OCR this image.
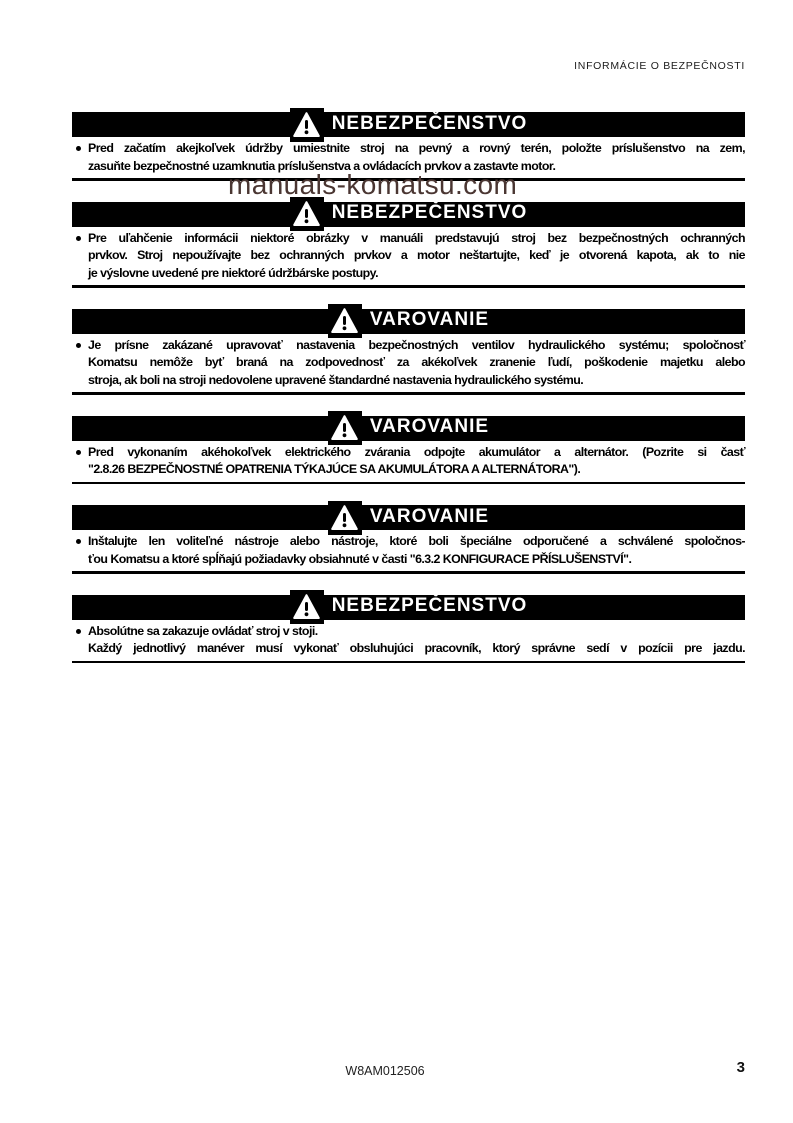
INFORMÁCIE O BEZPEČNOSTI
manuals-komatsu.com
NEBEZPEČENSTVO
Pred začatím akejkoľvek údržby umiestnite stroj na pevný a rovný terén, položte príslušenstvo na zem,
zasuňte bezpečnostné uzamknutia príslušenstva a ovládacích prvkov a zastavte motor.
NEBEZPEČENSTVO
Pre uľahčenie informácii niektoré obrázky v manuáli predstavujú stroj bez bezpečnostných ochranných
prvkov. Stroj nepoužívajte bez ochranných prvkov a motor neštartujte, keď je otvorená kapota, ak to nie
je výslovne uvedené pre niektoré údržbárske postupy.
VAROVANIE
Je prísne zakázané upravovať nastavenia bezpečnostných ventilov hydraulického systému; spoločnosť
Komatsu nemôže byť braná na zodpovednosť za akékoľvek zranenie ľudí, poškodenie majetku alebo
stroja, ak boli na stroji nedovolene upravené štandardné nastavenia hydraulického systému.
VAROVANIE
Pred vykonaním akéhokoľvek elektrického zvárania odpojte akumulátor a alternátor. (Pozrite si časť
"2.8.26 BEZPEČNOSTNÉ OPATRENIA TÝKAJÚCE SA AKUMULÁTORA A ALTERNÁTORA").
VAROVANIE
Inštalujte len voliteľné nástroje alebo nástroje, ktoré boli špeciálne odporučené a schválené spoločnos-
ťou Komatsu a ktoré spĺňajú požiadavky obsiahnuté v časti "6.3.2 KONFIGURACE PŘÍSLUŠENSTVÍ".
NEBEZPEČENSTVO
Absolútne sa zakazuje ovládať stroj v stoji.
Každý jednotlivý manéver musí vykonať obsluhujúci pracovník, ktorý správne sedí v pozícii pre jazdu.
W8AM012506	3
